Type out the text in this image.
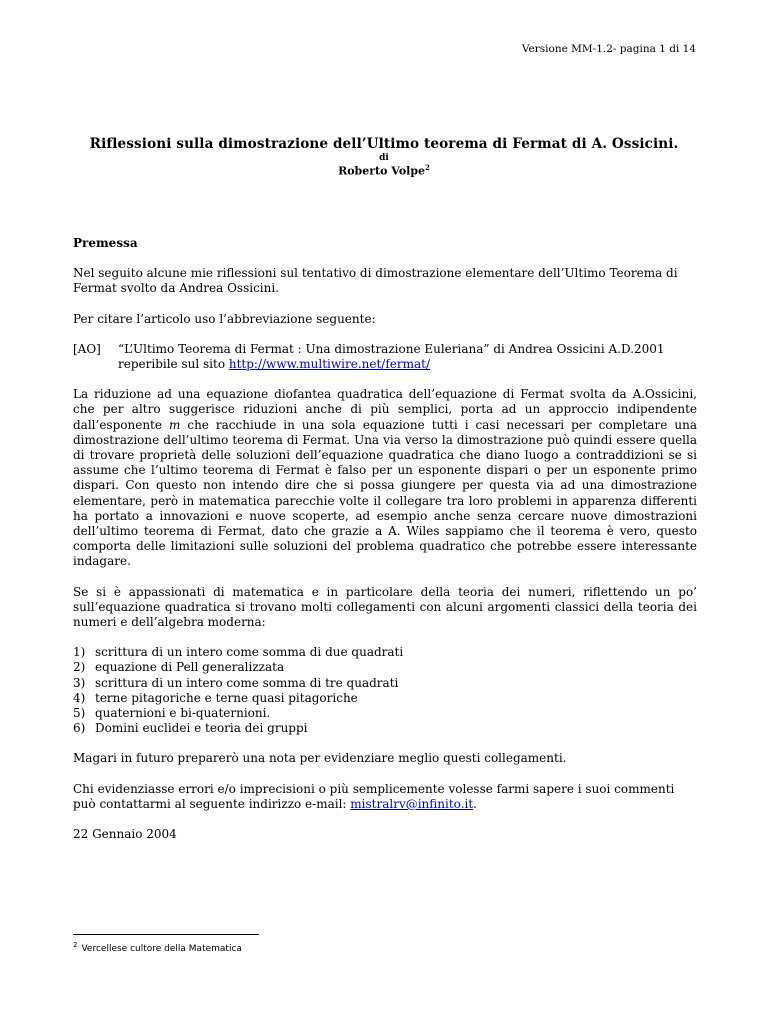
Versione MM-1.2- pagina 1 di 14
Riflessioni sulla dimostrazione dell’Ultimo teorema di Fermat di A. Ossicini.
di
Roberto Volpe$^2$
Premessa

Nel seguito alcune mie riflessioni sul tentativo di dimostrazione elementare dell’Ultimo Teorema di Fermat svolto da Andrea Ossicini.

Per citare l’articolo uso l’abbreviazione seguente:

[AO]	“L’Ultimo Teorema di Fermat : Una dimostrazione Euleriana” di Andrea Ossicini A.D.2001
reperibile sul sito http://www.multiwire.net/fermat/

La riduzione ad una equazione diofantea quadratica dell’equazione di Fermat svolta da A.Ossicini, che per altro suggerisce riduzioni anche di più semplici, porta ad un approccio indipendente dall’esponente m che racchiude in una sola equazione tutti i casi necessari per completare una dimostrazione dell’ultimo teorema di Fermat. Una via verso la dimostrazione può quindi essere quella di trovare proprietà delle soluzioni dell’equazione quadratica che diano luogo a contraddizioni se si assume che l’ultimo teorema di Fermat è falso per un esponente dispari o per un esponente primo dispari. Con questo non intendo dire che si possa giungere per questa via ad una dimostrazione elementare, però in matematica parecchie volte il collegare tra loro problemi in apparenza differenti ha portato a innovazioni e nuove scoperte, ad esempio anche senza cercare nuove dimostrazioni dell’ultimo teorema di Fermat, dato che grazie a A. Wiles sappiamo che il teorema è vero, questo comporta delle limitazioni sulle soluzioni del problema quadratico che potrebbe essere interessante indagare.

Se si è appassionati di matematica e in particolare della teoria dei numeri, riflettendo un po’ sull’equazione quadratica si trovano molti collegamenti con alcuni argomenti classici della teoria dei numeri e dell’algebra moderna:

1) scrittura di un intero come somma di due quadrati
2) equazione di Pell generalizzata
3) scrittura di un intero come somma di tre quadrati
4) terne pitagoriche e terne quasi pitagoriche
5) quaternioni e bi-quaternioni.
6) Domini euclidei e teoria dei gruppi

Magari in futuro preparerò una nota per evidenziare meglio questi collegamenti.

Chi evidenziasse errori e/o imprecisioni o più semplicemente volesse farmi sapere i suoi commenti può contattarmi al seguente indirizzo e-mail: mistralrv@infinito.it.

22 Gennaio 2004

$^2$ Vercellese cultore della Matematica
